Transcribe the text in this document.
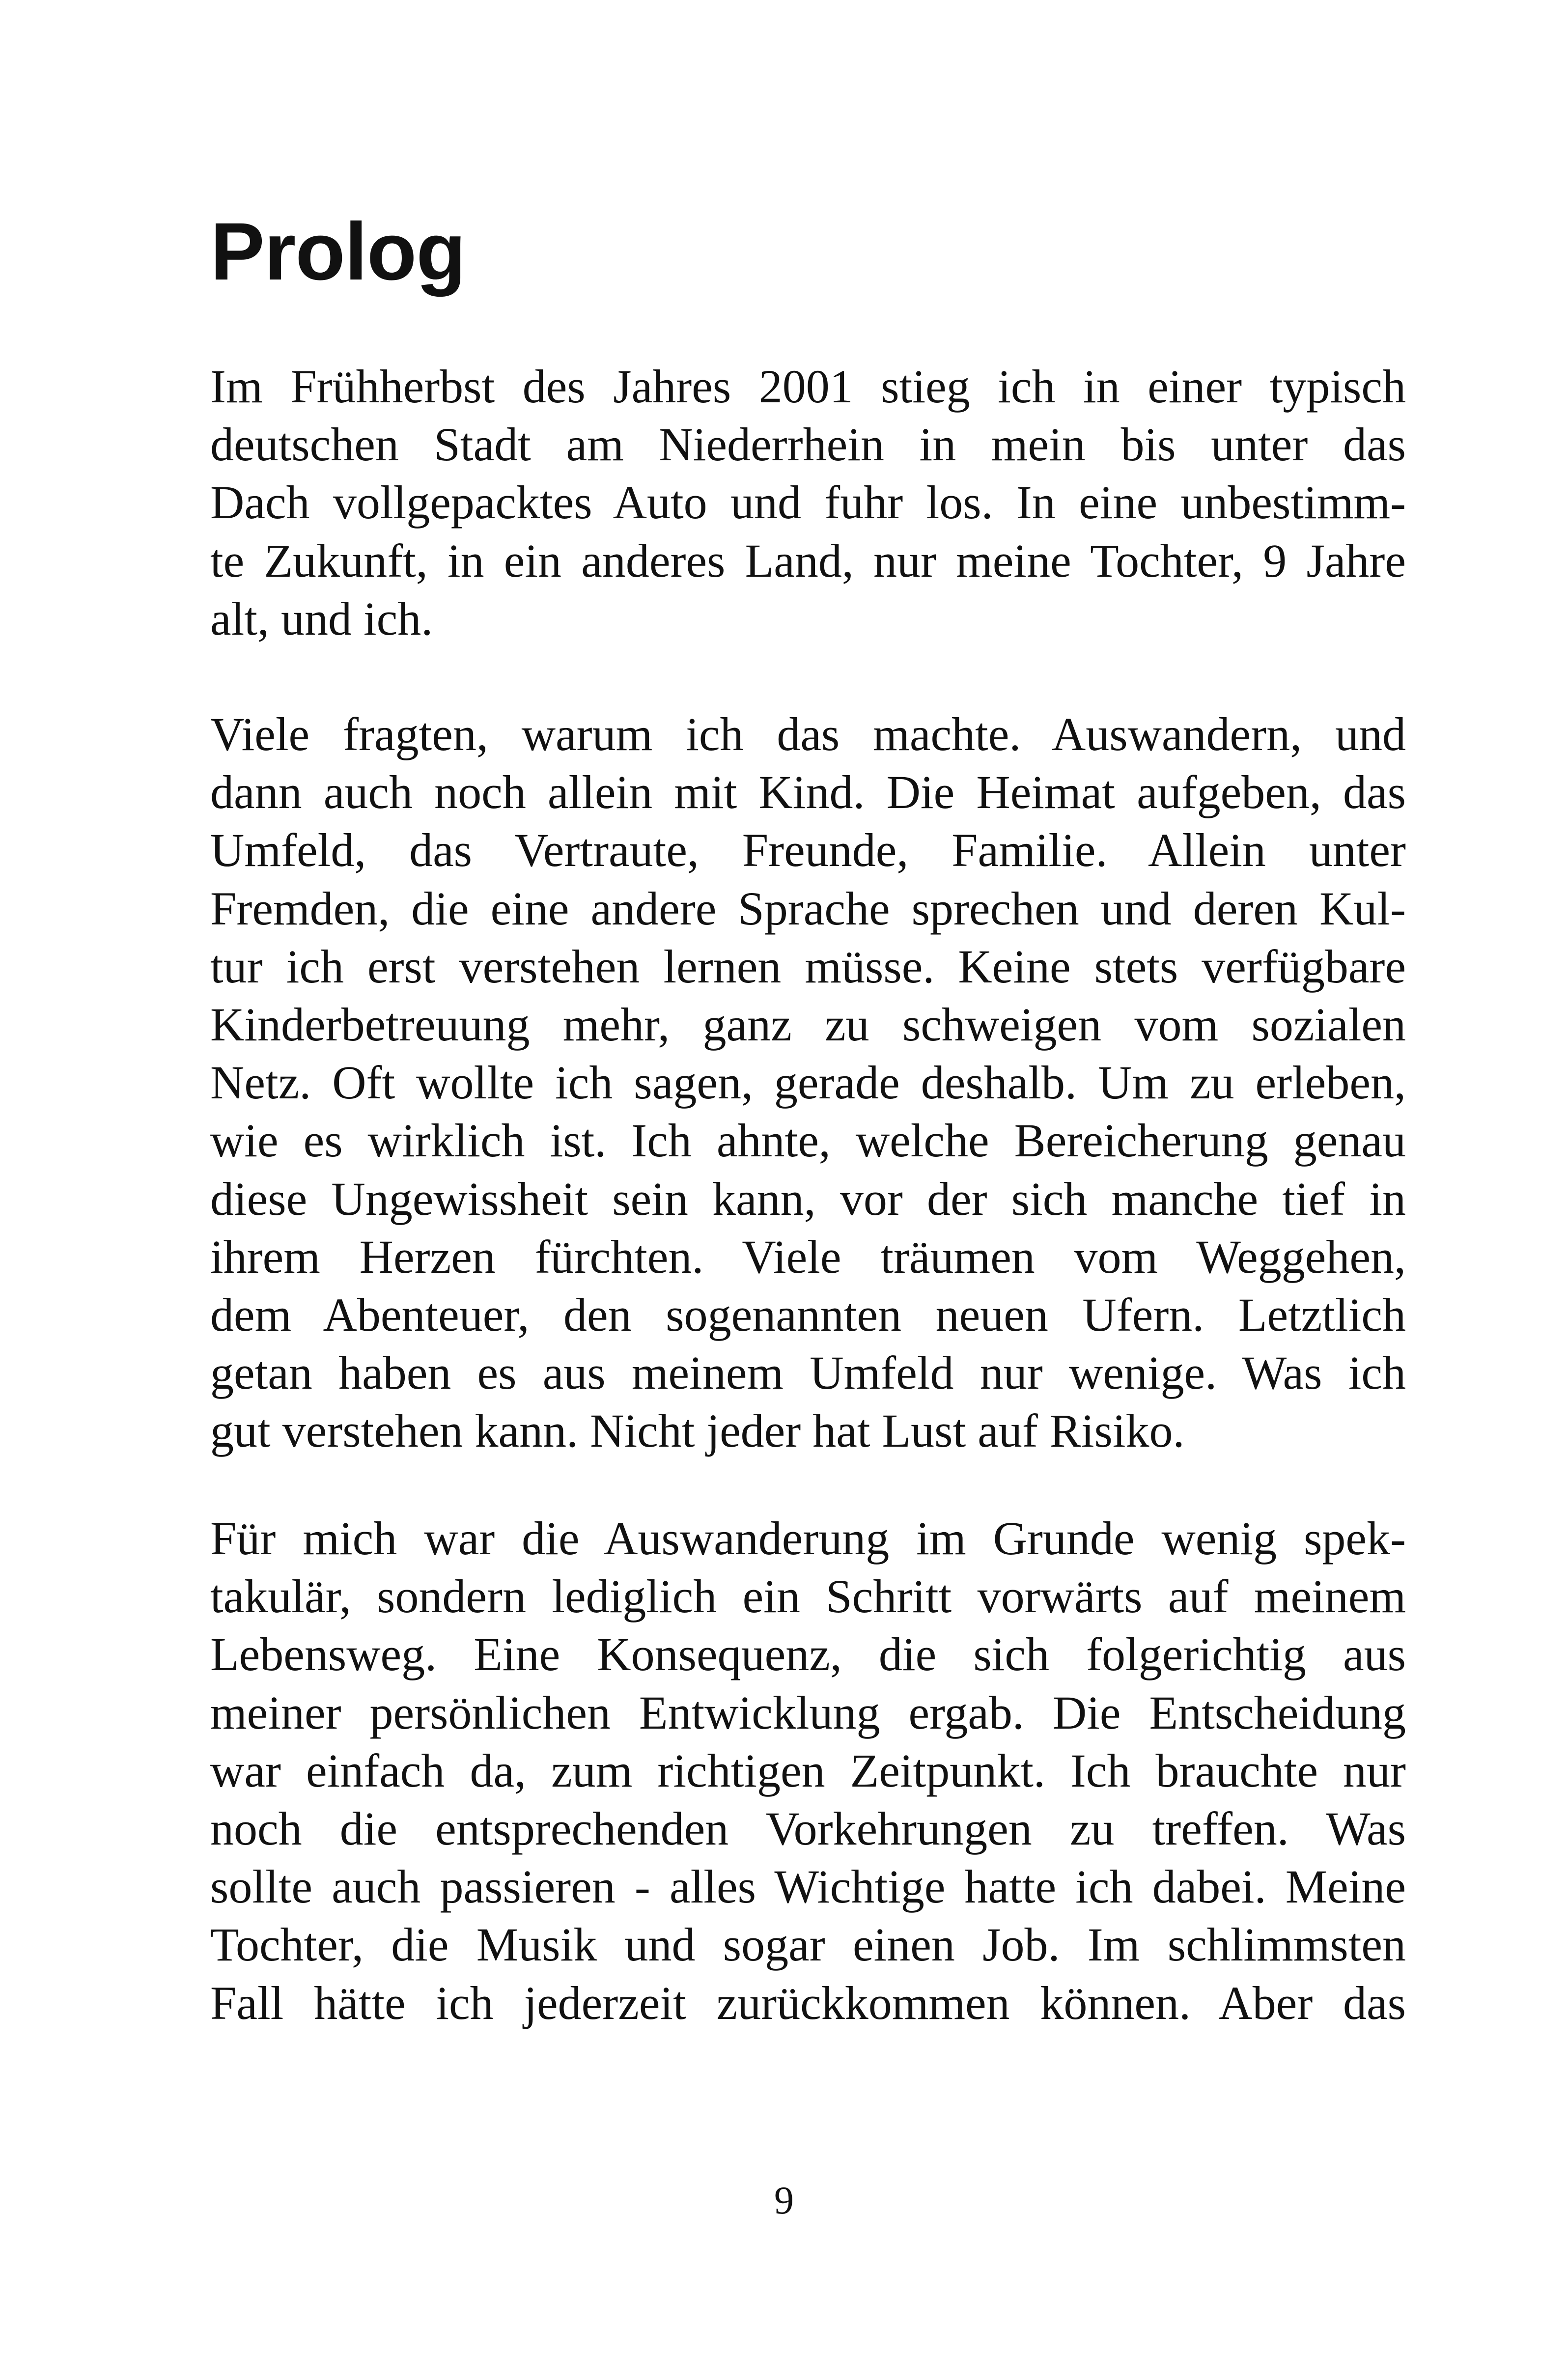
Prolog
Im Frühherbst des Jahres 2001 stieg ich in einer typisch
deutschen Stadt am Niederrhein in mein bis unter das
Dach vollgepacktes Auto und fuhr los. In eine unbestimm-
te Zukunft, in ein anderes Land, nur meine Tochter, 9 Jahre
alt, und ich.
Viele fragten, warum ich das machte. Auswandern, und
dann auch noch allein mit Kind. Die Heimat aufgeben, das
Umfeld, das Vertraute, Freunde, Familie. Allein unter
Fremden, die eine andere Sprache sprechen und deren Kul-
tur ich erst verstehen lernen müsse. Keine stets verfügbare
Kinderbetreuung mehr, ganz zu schweigen vom sozialen
Netz. Oft wollte ich sagen, gerade deshalb. Um zu erleben,
wie es wirklich ist. Ich ahnte, welche Bereicherung genau
diese Ungewissheit sein kann, vor der sich manche tief in
ihrem Herzen fürchten. Viele träumen vom Weggehen,
dem Abenteuer, den sogenannten neuen Ufern. Letztlich
getan haben es aus meinem Umfeld nur wenige. Was ich
gut verstehen kann. Nicht jeder hat Lust auf Risiko.
Für mich war die Auswanderung im Grunde wenig spek-
takulär, sondern lediglich ein Schritt vorwärts auf meinem
Lebensweg. Eine Konsequenz, die sich folgerichtig aus
meiner persönlichen Entwicklung ergab. Die Entscheidung
war einfach da, zum richtigen Zeitpunkt. Ich brauchte nur
noch die entsprechenden Vorkehrungen zu treffen. Was
sollte auch passieren - alles Wichtige hatte ich dabei. Meine
Tochter, die Musik und sogar einen Job. Im schlimmsten
Fall hätte ich jederzeit zurückkommen können. Aber das
9
